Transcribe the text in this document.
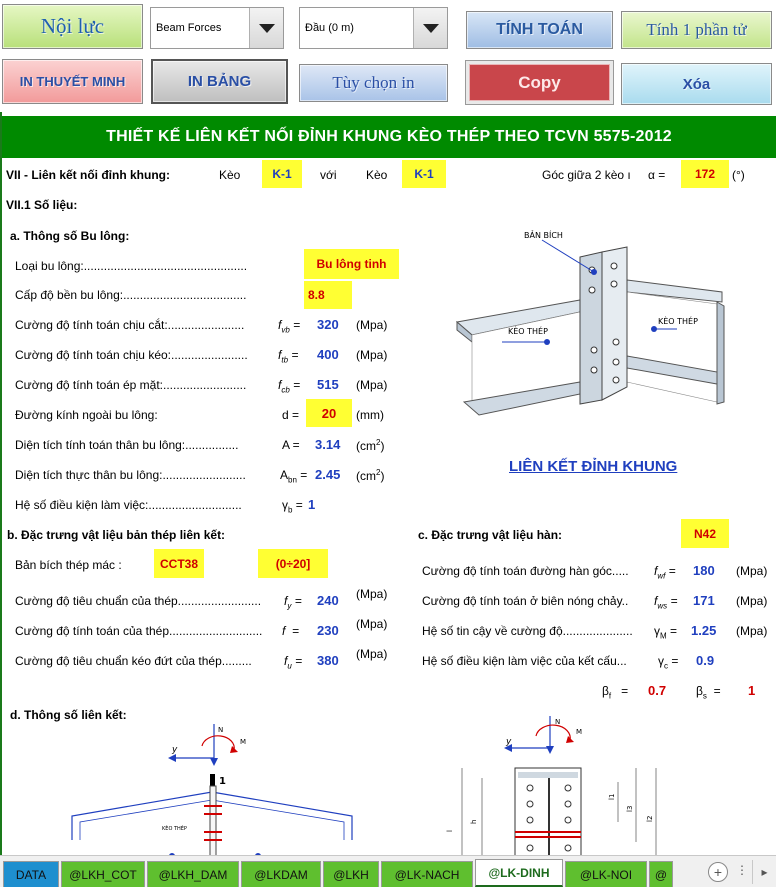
Nội lực	Beam Forces	Đầu (0 m)	TÍNH TOÁN	Tính 1 phần tử
IN THUYẾT MINH	IN BẢNG	Tùy chọn in	Copy	Xóa
THIẾT KẾ LIÊN KẾT NỐI ĐỈNH KHUNG KÈO THÉP THEO TCVN 5575-2012
VII - Liên kết nối đỉnh khung:	Kèo	K-1	với Kèo	K-1	Góc giữa 2 kèo ı α =	172	(°)
VII.1 Số liệu:
a. Thông số Bu lông:
Loại bu lông:.................................................	Bu lông tinh
Cấp độ bền bu lông:.....................................	8.8
Cường độ tính toán chịu cắt:.......................	$f_{vb} = 320$ (Mpa)
Cường độ tính toán chịu kéo:.......................	$f_{tb} = 400$ (Mpa)
Cường độ tính toán ép mặt:.........................	$f_{cb} = 515$ (Mpa)
Đường kính ngoài bu lông:	d =	20	(mm)
Diện tích tính toán thân bu lông:................	A = 3.14 $(cm^2)$
Diện tích thực thân bu lông:.........................	$A_{bn} = 2.45$ $(cm^2)$
Hệ số điều kiện làm việc:............................	$\gamma_b = 1$
BẢN BÍCH
KÈO THÉP
KÈO THÉP
LIÊN KẾT ĐỈNH KHUNG
b. Đặc trưng vật liệu bản thép liên kết:
Bản bích thép mác :	CCT38	(0÷20]
Cường độ tiêu chuẩn của thép......................... $f_y = 240$ (Mpa)
Cường độ tính toán của thép............................ f = 230 (Mpa)
Cường độ tiêu chuẩn kéo đứt của thép.........	$f_u = 380$ (Mpa)
c. Đặc trưng vật liệu hàn:	N42
Cường độ tính toán đường hàn góc..... $f_{wf} = 180$ (Mpa)
Cường độ tính toán ở biên nóng chảy.. $f_{ws} = 171$ (Mpa)
Hệ số tin cậy về cường độ..................... $\gamma_M = 1.25$ (Mpa)
Hệ số điều kiện làm việc của kết cấu...	$\gamma_c = 0.9$
$\beta_f = 0.7$ $\beta_s = 1$
d. Thông số liên kết:
N
y
M
1
KÈO THÉP
N
y
M
l
h
l1
l3
l2
DATA	@LKH_COT	@LKH_DAM	@LKDAM	@LKH	@LK-NACH	@LK-DINH	@LK-NOI	@	+	⋮	▸
